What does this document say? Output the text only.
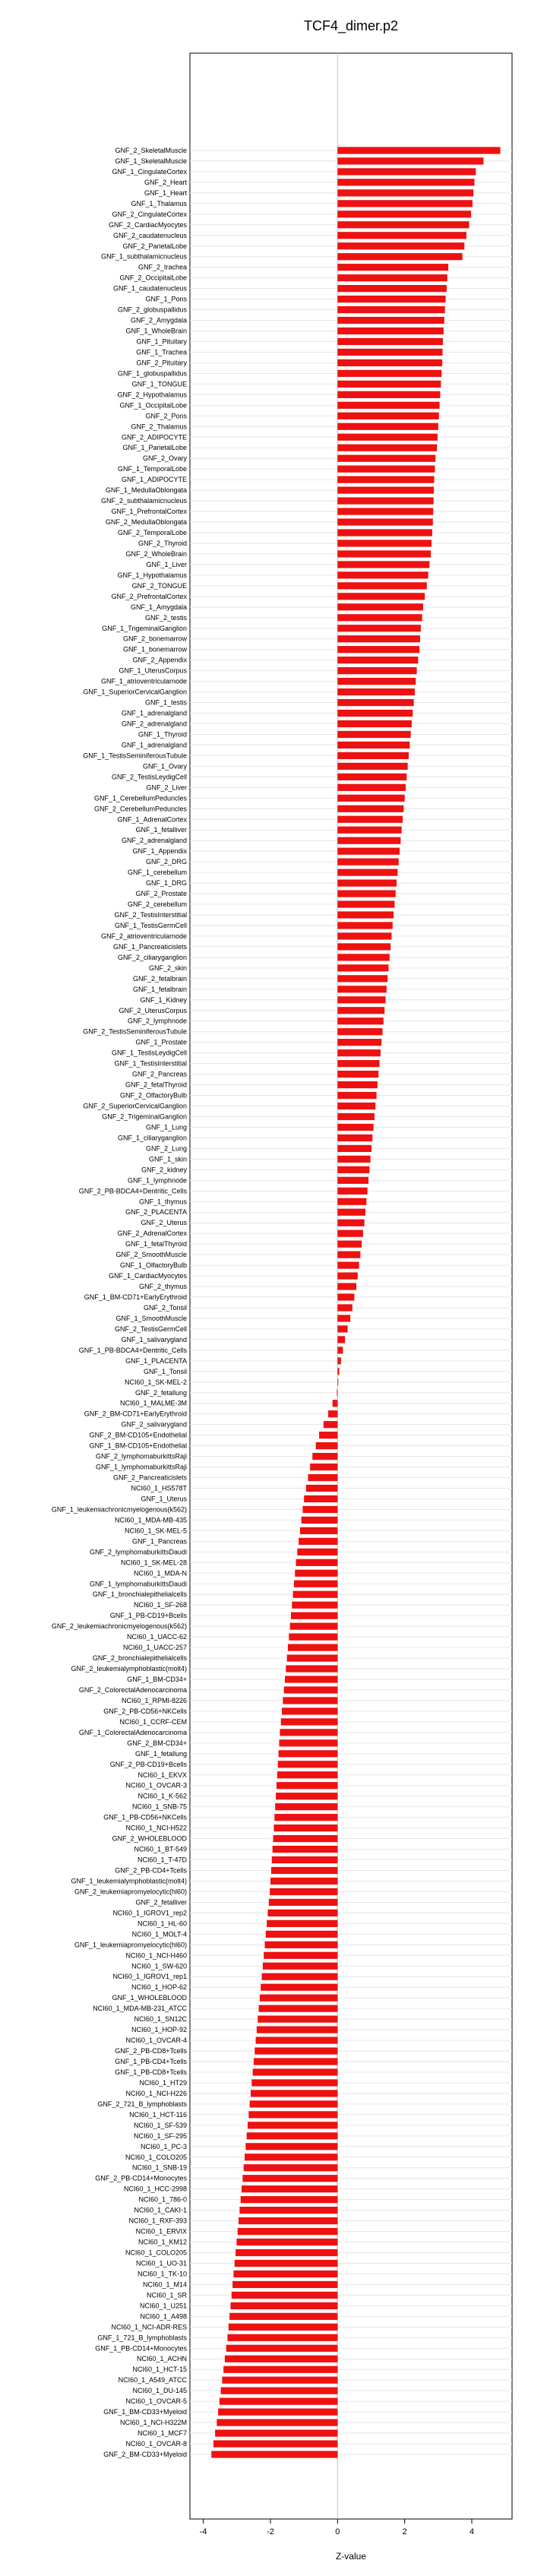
TCF4_dimer.p2
GNF_2_SkeletalMuscle
GNF_1_SkeletalMuscle
GNF_1_CingulateCortex
GNF_2_Heart
GNF_1_Heart
GNF_1_Thalamus
GNF_2_CingulateCortex
GNF_2_CardiacMyocytes
GNF_2_caudatenucleus
GNF_2_ParietalLobe
GNF_1_subthalamicnucleus
GNF_2_trachea
GNF_2_OccipitalLobe
GNF_1_caudatenucleus
GNF_1_Pons
GNF_2_globuspallidus
GNF_2_Amygdala
GNF_1_WholeBrain
GNF_1_Pituitary
GNF_1_Trachea
GNF_2_Pituitary
GNF_1_globuspallidus
GNF_1_TONGUE
GNF_2_Hypothalamus
GNF_1_OccipitalLobe
GNF_2_Pons
GNF_2_Thalamus
GNF_2_ADIPOCYTE
GNF_1_ParietalLobe
GNF_2_Ovary
GNF_1_TemporalLobe
GNF_1_ADIPOCYTE
GNF_1_MedullaOblongata
GNF_2_subthalamicnucleus
GNF_1_PrefrontalCortex
GNF_2_MedullaOblongata
GNF_2_TemporalLobe
GNF_2_Thyroid
GNF_2_WholeBrain
GNF_1_Liver
GNF_1_Hypothalamus
GNF_2_TONGUE
GNF_2_PrefrontalCortex
GNF_1_Amygdala
GNF_2_testis
GNF_1_TrigeminalGanglion
GNF_2_bonemarrow
GNF_1_bonemarrow
GNF_2_Appendix
GNF_1_UterusCorpus
GNF_1_atrioventricularnode
GNF_1_SuperiorCervicalGanglion
GNF_1_testis
GNF_1_adrenalgland
GNF_2_adrenalgland
GNF_1_Thyroid
GNF_1_adrenalgland
GNF_1_TestisSeminiferousTubule
GNF_1_Ovary
GNF_2_TestisLeydigCell
GNF_2_Liver
GNF_1_CerebellumPeduncles
GNF_2_CerebellumPeduncles
GNF_1_AdrenalCortex
GNF_1_fetalliver
GNF_2_adrenalgland
GNF_1_Appendix
GNF_2_DRG
GNF_1_cerebellum
GNF_1_DRG
GNF_2_Prostate
GNF_2_cerebellum
GNF_2_TestisInterstitial
GNF_1_TestisGermCell
GNF_2_atrioventricularnode
GNF_1_Pancreaticislets
GNF_2_ciliaryganglion
GNF_2_skin
GNF_2_fetalbrain
GNF_1_fetalbrain
GNF_1_Kidney
GNF_2_UterusCorpus
GNF_2_lymphnode
GNF_2_TestisSeminiferousTubule
GNF_1_Prostate
GNF_1_TestisLeydigCell
GNF_1_TestisInterstitial
GNF_2_Pancreas
GNF_2_fetalThyroid
GNF_2_OlfactoryBulb
GNF_2_SuperiorCervicalGanglion
GNF_2_TrigeminalGanglion
GNF_1_Lung
GNF_1_ciliaryganglion
GNF_2_Lung
GNF_1_skin
GNF_2_kidney
GNF_1_lymphnode
GNF_2_PB-BDCA4+Dentritic_Cells
GNF_1_thymus
GNF_2_PLACENTA
GNF_2_Uterus
GNF_2_AdrenalCortex
GNF_1_fetalThyroid
GNF_2_SmoothMuscle
GNF_1_OlfactoryBulb
GNF_1_CardiacMyocytes
GNF_2_thymus
GNF_1_BM-CD71+EarlyErythroid
GNF_2_Tonsil
GNF_1_SmoothMuscle
GNF_2_TestisGermCell
GNF_1_salivarygland
GNF_1_PB-BDCA4+Dentritic_Cells
GNF_1_PLACENTA
GNF_1_Tonsil
NCI60_1_SK-MEL-2
GNF_2_fetallung
NCI60_1_MALME-3M
GNF_2_BM-CD71+EarlyErythroid
GNF_2_salivarygland
GNF_2_BM-CD105+Endothelial
GNF_1_BM-CD105+Endothelial
GNF_2_lymphomaburkittsRaji
GNF_1_lymphomaburkittsRaji
GNF_2_Pancreaticislets
NCI60_1_HS578T
GNF_1_Uterus
GNF_1_leukemiachronicmyelogenous(k562)
NCI60_1_MDA-MB-435
NCI60_1_SK-MEL-5
GNF_1_Pancreas
GNF_2_lymphomaburkittsDaudi
NCI60_1_SK-MEL-28
NCI60_1_MDA-N
GNF_1_lymphomaburkittsDaudi
GNF_1_bronchialepithelialcells
NCI60_1_SF-268
GNF_1_PB-CD19+Bcells
GNF_2_leukemiachronicmyelogenous(k562)
NCI60_1_UACC-62
NCI60_1_UACC-257
GNF_2_bronchialepithelialcells
GNF_2_leukemialymphoblastic(molt4)
GNF_1_BM-CD34+
GNF_2_ColorectalAdenocarcinoma
NCI60_1_RPMI-8226
GNF_2_PB-CD56+NKCells
NCI60_1_CCRF-CEM
GNF_1_ColorectalAdenocarcinoma
GNF_2_BM-CD34+
GNF_1_fetallung
GNF_2_PB-CD19+Bcells
NCI60_1_EKVX
NCI60_1_OVCAR-3
NCI60_1_K-562
NCI60_1_SNB-75
GNF_1_PB-CD56+NKCells
NCI60_1_NCI-H522
GNF_2_WHOLEBLOOD
NCI60_1_BT-549
NCI60_1_T-47D
GNF_2_PB-CD4+Tcells
GNF_1_leukemialymphoblastic(molt4)
GNF_2_leukemiapromyelocytic(hl60)
GNF_2_fetalliver
NCI60_1_IGROV1_rep2
NCI60_1_HL-60
NCI60_1_MOLT-4
GNF_1_leukemiapromyelocytic(hl60)
NCI60_1_NCI-H460
NCI60_1_SW-620
NCI60_1_IGROV1_rep1
NCI60_1_HOP-62
GNF_1_WHOLEBLOOD
NCI60_1_MDA-MB-231_ATCC
NCI60_1_SN12C
NCI60_1_HOP-92
NCI60_1_OVCAR-4
GNF_2_PB-CD8+Tcells
GNF_1_PB-CD4+Tcells
GNF_1_PB-CD8+Tcells
NCI60_1_HT29
NCI60_1_NCI-H226
GNF_2_721_B_lymphoblasts
NCI60_1_HCT-116
NCI60_1_SF-539
NCI60_1_SF-295
NCI60_1_PC-3
NCI60_1_COLO205
NCI60_1_SNB-19
GNF_2_PB-CD14+Monocytes
NCI60_1_HCC-2998
NCI60_1_786-0
NCI60_1_CAKI-1
NCI60_1_RXF-393
NCI60_1_ERVIX
NCI60_1_KM12
NCI60_1_COLO205
NCI60_1_UO-31
NCI60_1_TK-10
NCI60_1_M14
NCI60_1_SR
NCI60_1_U251
NCI60_1_A498
NCI60_1_NCI-ADR-RES
GNF_1_721_B_lymphoblasts
GNF_1_PB-CD14+Monocytes
NCI60_1_ACHN
NCI60_1_HCT-15
NCI60_1_A549_ATCC
NCI60_1_DU-145
NCI60_1_OVCAR-5
GNF_1_BM-CD33+Myeloid
NCI60_1_NCI-H322M
NCI60_1_MCF7
NCI60_1_OVCAR-8
GNF_2_BM-CD33+Myeloid
-4	-2	0	2	4
Z-value
